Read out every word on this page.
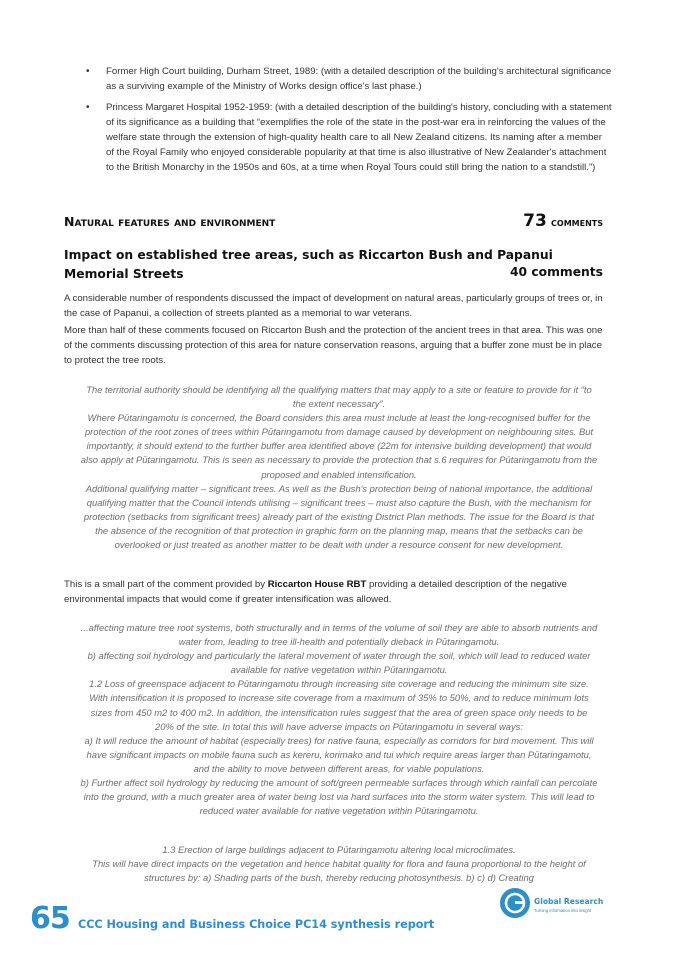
• Former High Court building, Durham Street, 1989: (with a detailed description of the building's architectural significance as a surviving example of the Ministry of Works design office's last phase.)
• Princess Margaret Hospital 1952-1959: (with a detailed description of the building's history, concluding with a statement of its significance as a building that “exemplifies the role of the state in the post-war era in reinforcing the values of the welfare state through the extension of high-quality health care to all New Zealand citizens. Its naming after a member of the Royal Family who enjoyed considerable popularity at that time is also illustrative of New Zealander's attachment to the British Monarchy in the 1950s and 60s, at a time when Royal Tours could still bring the nation to a standstill.”)
Natural features and environment	73 comments
Impact on established tree areas, such as Riccarton Bush and Papanui Memorial Streets	40 comments

A considerable number of respondents discussed the impact of development on natural areas, particularly groups of trees or, in the case of Papanui, a collection of streets planted as a memorial to war veterans.

More than half of these comments focused on Riccarton Bush and the protection of the ancient trees in that area. This was one of the comments discussing protection of this area for nature conservation reasons, arguing that a buffer zone must be in place to protect the tree roots.

The territorial authority should be identifying all the qualifying matters that may apply to a site or feature to provide for it “to the extent necessary”.

Where Pūtaringamotu is concerned, the Board considers this area must include at least the long-recognised buffer for the protection of the root zones of trees within Pūtaringamotu from damage caused by development on neighbouring sites. But importantly, it should extend to the further buffer area identified above (22m for intensive building development) that would also apply at Pūtaringamotu. This is seen as necessary to provide the protection that s.6 requires for Pūtaringamotu from the proposed and enabled intensification.

Additional qualifying matter – significant trees. As well as the Bush's protection being of national importance, the additional qualifying matter that the Council intends utilising – significant trees – must also capture the Bush, with the mechanism for protection (setbacks from significant trees) already part of the existing District Plan methods. The issue for the Board is that the absence of the recognition of that protection in graphic form on the planning map, means that the setbacks can be overlooked or just treated as another matter to be dealt with under a resource consent for new development.

This is a small part of the comment provided by Riccarton House RBT providing a detailed description of the negative environmental impacts that would come if greater intensification was allowed.

...affecting mature tree root systems, both structurally and in terms of the volume of soil they are able to absorb nutrients and water from, leading to tree ill-health and potentially dieback in Pūtaringamotu.

b) affecting soil hydrology and particularly the lateral movement of water through the soil, which will lead to reduced water available for native vegetation within Pūtaringamotu.

1.2 Loss of greenspace adjacent to Pūtaringamotu through increasing site coverage and reducing the minimum site size. With intensification it is proposed to increase site coverage from a maximum of 35% to 50%, and to reduce minimum lots sizes from 450 m2 to 400 m2. In addition, the intensification rules suggest that the area of green space only needs to be 20% of the site. In total this will have adverse impacts on Pūtaringamotu in several ways:

a) It will reduce the amount of habitat (especially trees) for native fauna, especially as corridors for bird movement. This will have significant impacts on mobile fauna such as kereru, korimako and tui which require areas larger than Pūtaringamotu, and the ability to move between different areas, for viable populations.

b) Further affect soil hydrology by reducing the amount of soft/green permeable surfaces through which rainfall can percolate into the ground, with a much greater area of water being lost via hard surfaces into the storm water system. This will lead to reduced water available for native vegetation within Pūtaringamotu.

1.3 Erection of large buildings adjacent to Pūtaringamotu altering local microclimates.

This will have direct impacts on the vegetation and hence habitat quality for flora and fauna proportional to the height of structures by: a) Shading parts of the bush, thereby reducing photosynthesis. b) c) d) Creating

65 CCC Housing and Business Choice PC14 synthesis report
Global Research
Turning information into insight
